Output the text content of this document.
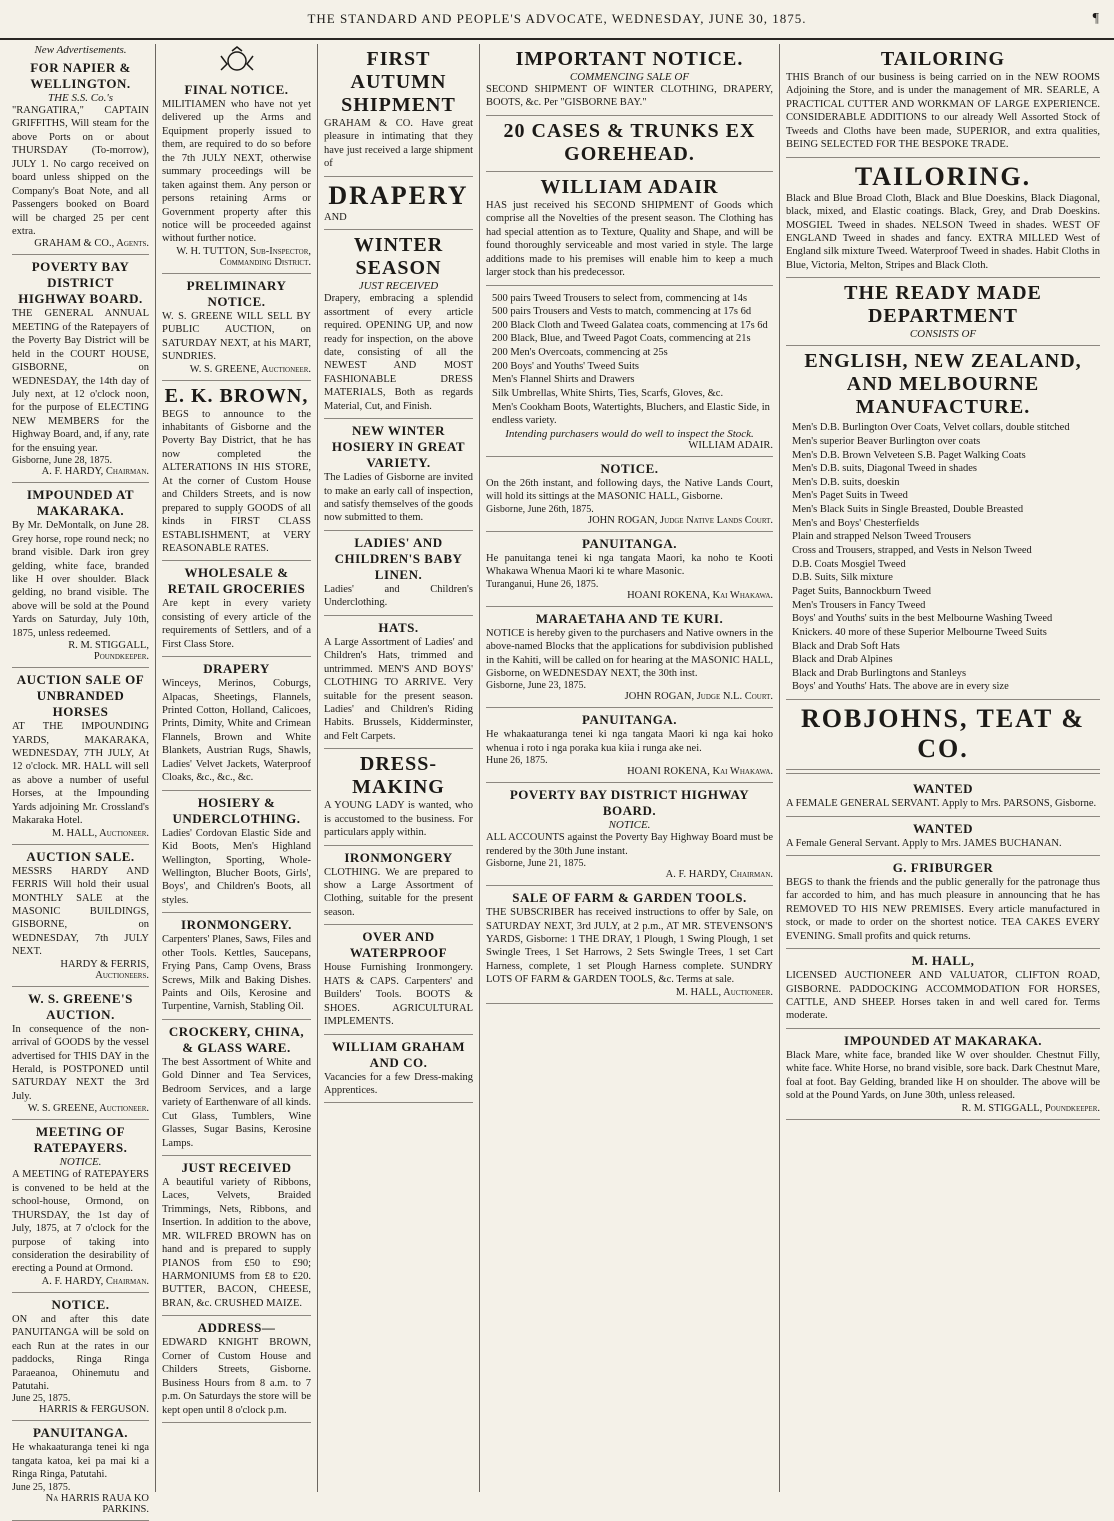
THE STANDARD AND PEOPLE'S ADVOCATE, WEDNESDAY, JUNE 30, 1875.	¶
New Advertisements.
FOR NAPIER & WELLINGTON.
THE S.S. Co.'s
"RANGATIRA," CAPTAIN GRIFFITHS, Will steam for the above Ports on or about THURSDAY (To-morrow), JULY 1. No cargo received on board unless shipped on the Company's Boat Note, and all Passengers booked on Board will be charged 25 per cent extra.
GRAHAM & CO., Agents.
POVERTY BAY DISTRICT HIGHWAY BOARD.
THE GENERAL ANNUAL MEETING of the Ratepayers of the Poverty Bay District will be held in the COURT HOUSE, GISBORNE, on WEDNESDAY, the 14th day of July next, at 12 o'clock noon, for the purpose of ELECTING NEW MEMBERS for the Highway Board, and, if any, rate for the ensuing year.
Gisborne, June 28, 1875.
A. F. HARDY, Chairman.
IMPOUNDED AT MAKARAKA.
By Mr. DeMontalk, on June 28. Grey horse, rope round neck; no brand visible. Dark iron grey gelding, white face, branded like H over shoulder. Black gelding, no brand visible. The above will be sold at the Pound Yards on Saturday, July 10th, 1875, unless redeemed.
R. M. STIGGALL, Poundkeeper.
AUCTION SALE OF UNBRANDED HORSES
AT THE IMPOUNDING YARDS, MAKARAKA, WEDNESDAY, 7TH JULY, At 12 o'clock. MR. HALL will sell as above a number of useful Horses, at the Impounding Yards adjoining Mr. Crossland's Makaraka Hotel.
M. HALL, Auctioneer.
AUCTION SALE.
MESSRS HARDY AND FERRIS Will hold their usual MONTHLY SALE at the MASONIC BUILDINGS, GISBORNE, on WEDNESDAY, 7th JULY NEXT.
HARDY & FERRIS, Auctioneers.
W. S. GREENE'S AUCTION.
In consequence of the non-arrival of GOODS by the vessel advertised for THIS DAY in the Herald, is POSTPONED until SATURDAY NEXT the 3rd July.
W. S. GREENE, Auctioneer.
MEETING OF RATEPAYERS.
NOTICE.
A MEETING of RATEPAYERS is convened to be held at the school-house, Ormond, on THURSDAY, the 1st day of July, 1875, at 7 o'clock for the purpose of taking into consideration the desirability of erecting a Pound at Ormond.
A. F. HARDY, Chairman.
NOTICE.
ON and after this date PANUITANGA will be sold on each Run at the rates in our paddocks, Ringa Ringa Paraeanoa, Ohinemutu and Patutahi.
June 25, 1875.
HARRIS & FERGUSON.
PANUITANGA.
He whakaaturanga tenei ki nga tangata katoa, kei pa mai ki a Ringa Ringa, Patutahi.
June 25, 1875.
Na HARRIS RAUA KO PARKINS.
FINAL NOTICE.
MILITIAMEN who have not yet delivered up the Arms and Equipment properly issued to them, are required to do so before the 7th JULY NEXT, otherwise summary proceedings will be taken against them. Any person or persons retaining Arms or Government property after this notice will be proceeded against without further notice.
W. H. TUTTON, Sub-Inspector, Commanding District.
PRELIMINARY NOTICE.
W. S. GREENE WILL SELL BY PUBLIC AUCTION, on SATURDAY NEXT, at his MART, SUNDRIES.
W. S. GREENE, Auctioneer.
E. K. BROWN,
BEGS to announce to the inhabitants of Gisborne and the Poverty Bay District, that he has now completed the ALTERATIONS IN HIS STORE, At the corner of Custom House and Childers Streets, and is now prepared to supply GOODS of all kinds in FIRST CLASS ESTABLISHMENT, at VERY REASONABLE RATES.
WHOLESALE & RETAIL GROCERIES
Are kept in every variety consisting of every article of the requirements of Settlers, and of a First Class Store.
DRAPERY
Winceys, Merinos, Coburgs, Alpacas, Sheetings, Flannels, Printed Cotton, Holland, Calicoes, Prints, Dimity, White and Crimean Flannels, Brown and White Blankets, Austrian Rugs, Shawls, Ladies' Velvet Jackets, Waterproof Cloaks, &c., &c., &c.
HOSIERY & UNDERCLOTHING.
Ladies' Cordovan Elastic Side and Kid Boots, Men's Highland Wellington, Sporting, Whole-Wellington, Blucher Boots, Girls', Boys', and Children's Boots, all styles.
IRONMONGERY.
Carpenters' Planes, Saws, Files and other Tools. Kettles, Saucepans, Frying Pans, Camp Ovens, Brass Screws, Milk and Baking Dishes. Paints and Oils, Kerosine and Turpentine, Varnish, Stabling Oil.
CROCKERY, CHINA, & GLASS WARE.
The best Assortment of White and Gold Dinner and Tea Services, Bedroom Services, and a large variety of Earthenware of all kinds. Cut Glass, Tumblers, Wine Glasses, Sugar Basins, Kerosine Lamps.
JUST RECEIVED
A beautiful variety of Ribbons, Laces, Velvets, Braided Trimmings, Nets, Ribbons, and Insertion. In addition to the above, MR. WILFRED BROWN has on hand and is prepared to supply PIANOS from £50 to £90; HARMONIUMS from £8 to £20. BUTTER, BACON, CHEESE, BRAN, &c. CRUSHED MAIZE.
ADDRESS—
EDWARD KNIGHT BROWN, Corner of Custom House and Childers Streets, Gisborne. Business Hours from 8 a.m. to 7 p.m. On Saturdays the store will be kept open until 8 o'clock p.m.
FIRST AUTUMN SHIPMENT
GRAHAM & CO. Have great pleasure in intimating that they have just received a large shipment of
DRAPERY
AND
WINTER SEASON
JUST RECEIVED
Drapery, embracing a splendid assortment of every article required. OPENING UP, and now ready for inspection, on the above date, consisting of all the NEWEST AND MOST FASHIONABLE DRESS MATERIALS, Both as regards Material, Cut, and Finish.
NEW WINTER HOSIERY IN GREAT VARIETY.
The Ladies of Gisborne are invited to make an early call of inspection, and satisfy themselves of the goods now submitted to them.
LADIES' AND CHILDREN'S BABY LINEN.
Ladies' and Children's Underclothing.
HATS.
A Large Assortment of Ladies' and Children's Hats, trimmed and untrimmed. MEN'S AND BOYS' CLOTHING TO ARRIVE. Very suitable for the present season. Ladies' and Children's Riding Habits. Brussels, Kidderminster, and Felt Carpets.
DRESS-MAKING
A YOUNG LADY is wanted, who is accustomed to the business. For particulars apply within.
IRONMONGERY
CLOTHING. We are prepared to show a Large Assortment of Clothing, suitable for the present season.
OVER AND WATERPROOF
House Furnishing Ironmongery. HATS & CAPS. Carpenters' and Builders' Tools. BOOTS & SHOES. AGRICULTURAL IMPLEMENTS.
WILLIAM GRAHAM AND CO.
Vacancies for a few Dress-making Apprentices.
IMPORTANT NOTICE.
COMMENCING SALE OF
SECOND SHIPMENT OF WINTER CLOTHING, DRAPERY, BOOTS, &c. Per "GISBORNE BAY."
20 CASES & TRUNKS EX GOREHEAD.
WILLIAM ADAIR
HAS just received his SECOND SHIPMENT of Goods which comprise all the Novelties of the present season. The Clothing has had special attention as to Texture, Quality and Shape, and will be found thoroughly serviceable and most varied in style. The large additions made to his premises will enable him to keep a much larger stock than his predecessor.
500 pairs Tweed Trousers to select from, commencing at 14s
500 pairs Trousers and Vests to match, commencing at 17s 6d
200 Black Cloth and Tweed Galatea coats, commencing at 17s 6d
200 Black, Blue, and Tweed Pagot Coats, commencing at 21s
200 Men's Overcoats, commencing at 25s
200 Boys' and Youths' Tweed Suits
Men's Flannel Shirts and Drawers
Silk Umbrellas, White Shirts, Ties, Scarfs, Gloves, &c.
Men's Cookham Boots, Watertights, Bluchers, and Elastic Side, in endless variety.
Intending purchasers would do well to inspect the Stock.
WILLIAM ADAIR.
NOTICE.
On the 26th instant, and following days, the Native Lands Court, will hold its sittings at the MASONIC HALL, Gisborne.
Gisborne, June 26th, 1875.
JOHN ROGAN, Judge Native Lands Court.
PANUITANGA.
He panuitanga tenei ki nga tangata Maori, ka noho te Kooti Whakawa Whenua Maori ki te whare Masonic.
Turanganui, Hune 26, 1875.
HOANI ROKENA, Kai Whakawa.
MARAETAHA AND TE KURI.
NOTICE is hereby given to the purchasers and Native owners in the above-named Blocks that the applications for subdivision published in the Kahiti, will be called on for hearing at the MASONIC HALL, Gisborne, on WEDNESDAY NEXT, the 30th inst.
Gisborne, June 23, 1875.
JOHN ROGAN, Judge N.L. Court.
PANUITANGA.
He whakaaturanga tenei ki nga tangata Maori ki nga kai hoko whenua i roto i nga poraka kua kiia i runga ake nei.
Hune 26, 1875.
HOANI ROKENA, Kai Whakawa.
POVERTY BAY DISTRICT HIGHWAY BOARD.
NOTICE.
ALL ACCOUNTS against the Poverty Bay Highway Board must be rendered by the 30th June instant.
Gisborne, June 21, 1875.
A. F. HARDY, Chairman.
SALE OF FARM & GARDEN TOOLS.
THE SUBSCRIBER has received instructions to offer by Sale, on SATURDAY NEXT, 3rd JULY, at 2 p.m., AT MR. STEVENSON'S YARDS, Gisborne: 1 THE DRAY, 1 Plough, 1 Swing Plough, 1 set Swingle Trees, 1 Set Harrows, 2 Sets Swingle Trees, 1 set Cart Harness, complete, 1 set Plough Harness complete. SUNDRY LOTS OF FARM & GARDEN TOOLS, &c. Terms at sale.
M. HALL, Auctioneer.
TAILORING
THIS Branch of our business is being carried on in the NEW ROOMS Adjoining the Store, and is under the management of MR. SEARLE, A PRACTICAL CUTTER AND WORKMAN OF LARGE EXPERIENCE. CONSIDERABLE ADDITIONS to our already Well Assorted Stock of Tweeds and Cloths have been made, SUPERIOR, and extra qualities, BEING SELECTED FOR THE BESPOKE TRADE.
TAILORING.
Black and Blue Broad Cloth, Black and Blue Doeskins, Black Diagonal, black, mixed, and Elastic coatings. Black, Grey, and Drab Doeskins. MOSGIEL Tweed in shades. NELSON Tweed in shades. WEST OF ENGLAND Tweed in shades and fancy. EXTRA MILLED West of England silk mixture Tweed. Waterproof Tweed in shades. Habit Cloths in Blue, Victoria, Melton, Stripes and Black Cloth.
THE READY MADE DEPARTMENT
CONSISTS OF
ENGLISH, NEW ZEALAND, AND MELBOURNE MANUFACTURE.
Men's D.B. Burlington Over Coats, Velvet collars, double stitched
Men's superior Beaver Burlington over coats
Men's D.B. Brown Velveteen S.B. Paget Walking Coats
Men's D.B. suits, Diagonal Tweed in shades
Men's D.B. suits, doeskin
Men's Paget Suits in Tweed
Men's Black Suits in Single Breasted, Double Breasted
Men's and Boys' Chesterfields
Plain and strapped Nelson Tweed Trousers
Cross and Trousers, strapped, and Vests in Nelson Tweed
D.B. Coats Mosgiel Tweed
D.B. Suits, Silk mixture
Paget Suits, Bannockburn Tweed
Men's Trousers in Fancy Tweed
Boys' and Youths' suits in the best Melbourne Washing Tweed
Knickers. 40 more of these Superior Melbourne Tweed Suits
Black and Drab Soft Hats
Black and Drab Alpines
Black and Drab Burlingtons and Stanleys
Boys' and Youths' Hats. The above are in every size
ROBJOHNS, TEAT & CO.
WANTED
A FEMALE GENERAL SERVANT. Apply to Mrs. PARSONS, Gisborne.
WANTED
A Female General Servant. Apply to Mrs. JAMES BUCHANAN.
G. FRIBURGER
BEGS to thank the friends and the public generally for the patronage thus far accorded to him, and has much pleasure in announcing that he has REMOVED TO HIS NEW PREMISES. Every article manufactured in stock, or made to order on the shortest notice. TEA CAKES EVERY EVENING. Small profits and quick returns.
M. HALL,
LICENSED AUCTIONEER AND VALUATOR, CLIFTON ROAD, GISBORNE. PADDOCKING ACCOMMODATION FOR HORSES, CATTLE, AND SHEEP. Horses taken in and well cared for. Terms moderate.
IMPOUNDED AT MAKARAKA.
Black Mare, white face, branded like W over shoulder. Chestnut Filly, white face. White Horse, no brand visible, sore back. Dark Chestnut Mare, foal at foot. Bay Gelding, branded like H on shoulder. The above will be sold at the Pound Yards, on June 30th, unless released.
R. M. STIGGALL, Poundkeeper.
